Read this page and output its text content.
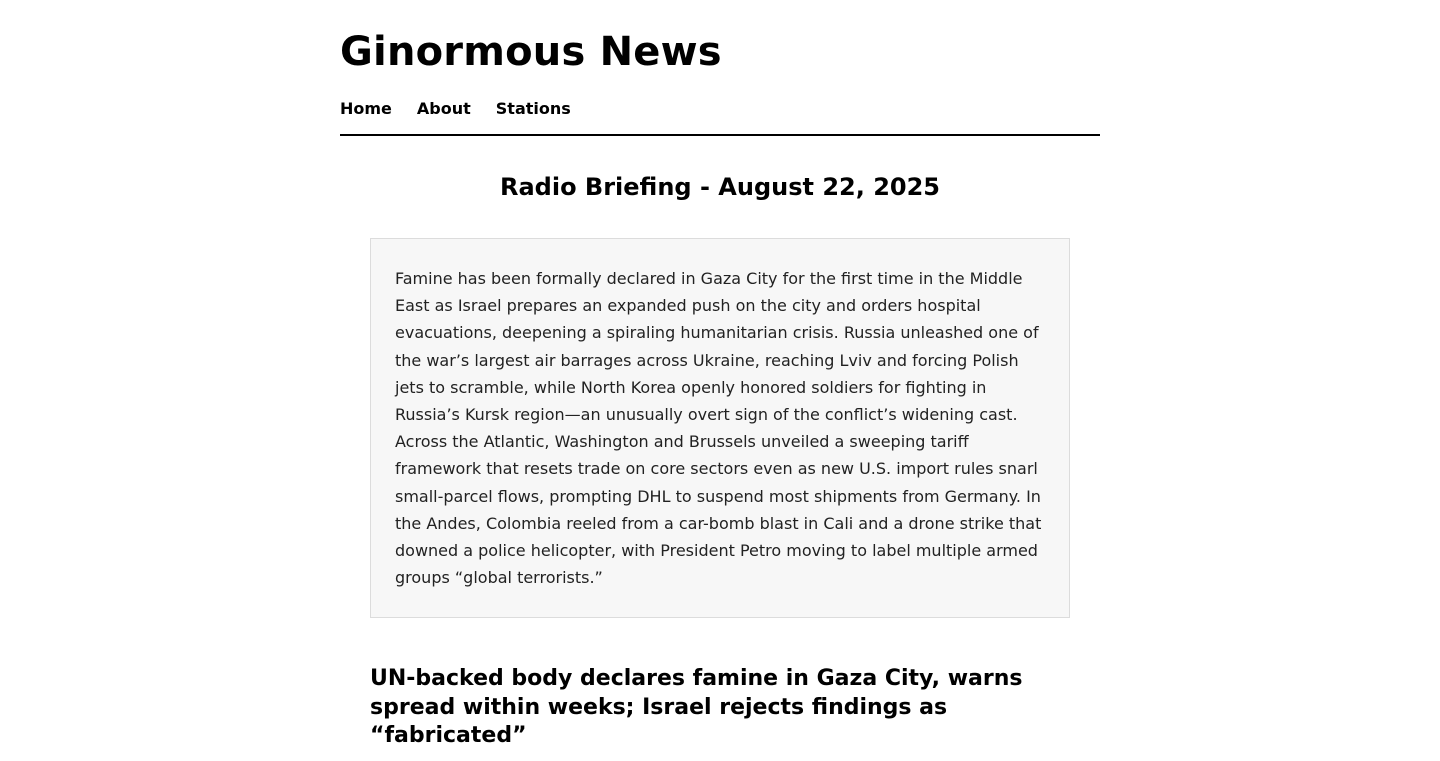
Ginormous News
Home About Stations
Radio Briefing - August 22, 2025

Famine has been formally declared in Gaza City for the first time in the Middle East as Israel prepares an expanded push on the city and orders hospital evacuations, deepening a spiraling humanitarian crisis. Russia unleashed one of the war’s largest air barrages across Ukraine, reaching Lviv and forcing Polish jets to scramble, while North Korea openly honored soldiers for fighting in Russia’s Kursk region—an unusually overt sign of the conflict’s widening cast. Across the Atlantic, Washington and Brussels unveiled a sweeping tariff framework that resets trade on core sectors even as new U.S. import rules snarl small-parcel flows, prompting DHL to suspend most shipments from Germany. In the Andes, Colombia reeled from a car-bomb blast in Cali and a drone strike that downed a police helicopter, with President Petro moving to label multiple armed groups “global terrorists.”

UN-backed body declares famine in Gaza City, warns spread within weeks; Israel rejects findings as “fabricated”
